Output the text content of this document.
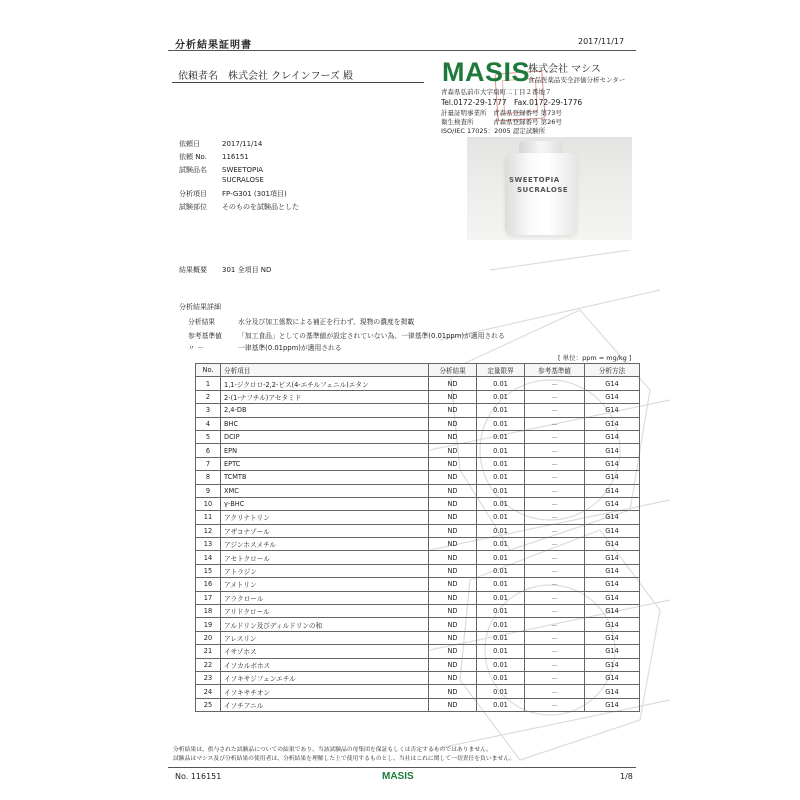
分析結果証明書	2017/11/17
依頼者名　株式会社 クレインフーズ 殿	MASIS
株式会社 マシス
食品医薬品安全評価分析センター
青森県弘前市大字扇町二丁目２番地７
Tel.0172-29-1777　Fax.0172-29-1776
計量証明事業所　青森県登録番号 第73号
衛生検査所　　　青森県登録番号 第26号
ISO/IEC 17025：2005 認定試験所
依頼日	2017/11/14
依頼 No. 116151
試験品名 SWEETOPIA
SUCRALOSE
分析項目 FP-G301 (301項目)
試験部位 そのものを試験品とした
SWEETOPIA
SUCRALOSE
結果概要 301 全項目 ND
分析結果詳細
分析結果	水分及び加工係数による補正を行わず、現物の濃度を掲載
参考基準値 「加工食品」としての基準値が設定されていない為、一律基準(0.01ppm)が適用される
〃 －	一律基準(0.01ppm)が適用される
[ 単位：ppm = mg/kg ]
No.	分析項目	分析結果	定量限界	参考基準値	分析方法
1	1,1-ジクロロ-2,2-ビス(4-エチルフェニル)エタン	ND	0.01	－	G14
2	2-(1-ナフチル)アセタミド	ND	0.01	－	G14
3	2,4-DB	ND	0.01	－	G14
4	BHC	ND	0.01	－	G14
5	DCIP	ND	0.01	－	G14
6	EPN	ND	0.01	－	G14
7	EPTC	ND	0.01	－	G14
8	TCMTB	ND	0.01	－	G14
9	XMC	ND	0.01	－	G14
10	γ-BHC	ND	0.01	－	G14
11	アクリナトリン	ND	0.01	－	G14
12	アザコナゾール	ND	0.01	－	G14
13	アジンホスメチル	ND	0.01	－	G14
14	アセトクロール	ND	0.01	－	G14
15	アトラジン	ND	0.01	－	G14
16	アメトリン	ND	0.01	－	G14
17	アラクロール	ND	0.01	－	G14
18	アリドクロール	ND	0.01	－	G14
19	アルドリン及びディルドリンの和	ND	0.01	－	G14
20	アレスリン	ND	0.01	－	G14
21	イサゾホス	ND	0.01	－	G14
22	イソカルボホス	ND	0.01	－	G14
23	イソキサジフェンエチル	ND	0.01	－	G14
24	イソキサチオン	ND	0.01	－	G14
25	イソチアニル	ND	0.01	－	G14
分析結果は、供与された試験品についての結果であり、当該試験品の母集団を保証もしくは否定するものではありません。
試験品はマシス及び分析結果の使用者は、分析結果を理解した上で使用するものとし、当社はこれに関して一切責任を負いません。
No. 116151	MASIS	1/8
